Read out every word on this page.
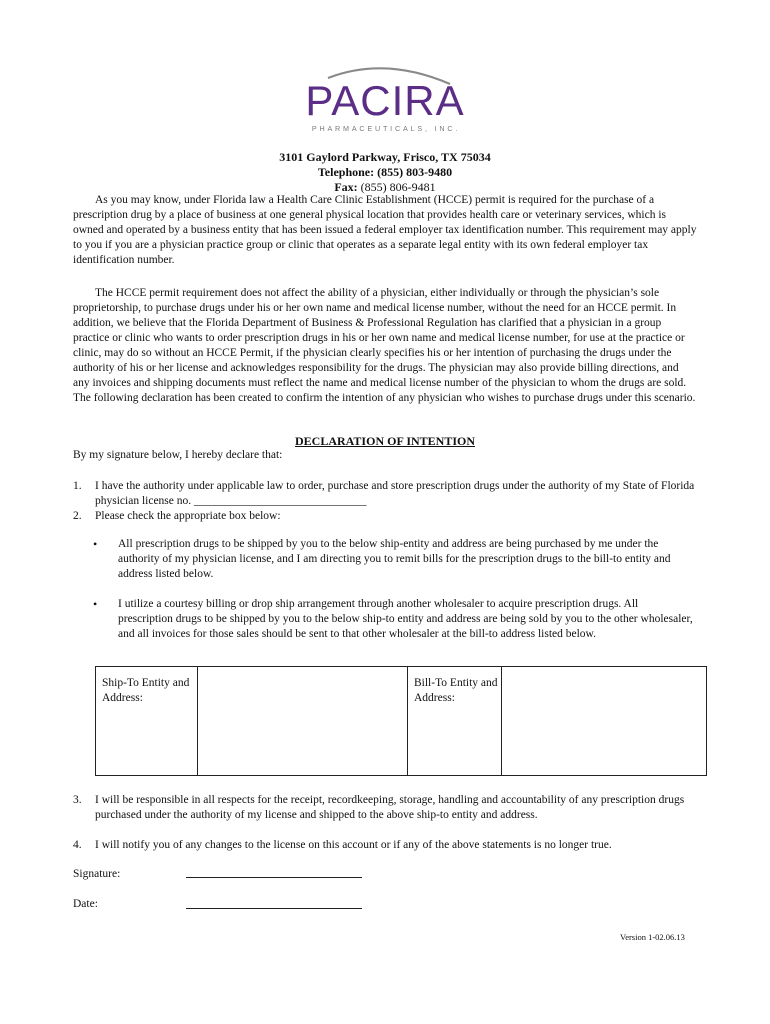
PACIRA
PHARMACEUTICALS, INC.
3101 Gaylord Parkway, Frisco, TX 75034
Telephone: (855) 803-9480
Fax: (855) 806-9481

As you may know, under Florida law a Health Care Clinic Establishment (HCCE) permit is required for the purchase of a prescription drug by a place of business at one general physical location that provides health care or veterinary services, which is owned and operated by a business entity that has been issued a federal employer tax identification number. This requirement may apply to you if you are a physician practice group or clinic that operates as a separate legal entity with its own federal employer tax identification number.

The HCCE permit requirement does not affect the ability of a physician, either individually or through the physician’s sole proprietorship, to purchase drugs under his or her own name and medical license number, without the need for an HCCE permit. In addition, we believe that the Florida Department of Business & Professional Regulation has clarified that a physician in a group practice or clinic who wants to order prescription drugs in his or her own name and medical license number, for use at the practice or clinic, may do so without an HCCE Permit, if the physician clearly specifies his or her intention of purchasing the drugs under the authority of his or her license and acknowledges responsibility for the drugs. The physician may also provide billing directions, and any invoices and shipping documents must reflect the name and medical license number of the physician to whom the drugs are sold. The following declaration has been created to confirm the intention of any physician who wishes to purchase drugs under this scenario.

DECLARATION OF INTENTION
By my signature below, I hereby declare that:
1. I have the authority under applicable law to order, purchase and store prescription drugs under the authority of my State of Florida physician license no. ______________________________
2. Please check the appropriate box below:
• All prescription drugs to be shipped by you to the below ship-entity and address are being purchased by me under the authority of my physician license, and I am directing you to remit bills for the prescription drugs to the bill-to entity and address listed below.
• I utilize a courtesy billing or drop ship arrangement through another wholesaler to acquire prescription drugs. All prescription drugs to be shipped by you to the below ship-to entity and address are being sold by you to the other wholesaler, and all invoices for those sales should be sent to that other wholesaler at the bill-to address listed below.
Ship-To Entity and Address:
Bill-To Entity and Address:
3. I will be responsible in all respects for the receipt, recordkeeping, storage, handling and accountability of any prescription drugs purchased under the authority of my license and shipped to the above ship-to entity and address.
4. I will notify you of any changes to the license on this account or if any of the above statements is no longer true.
Signature:
Date:
Version 1-02.06.13
